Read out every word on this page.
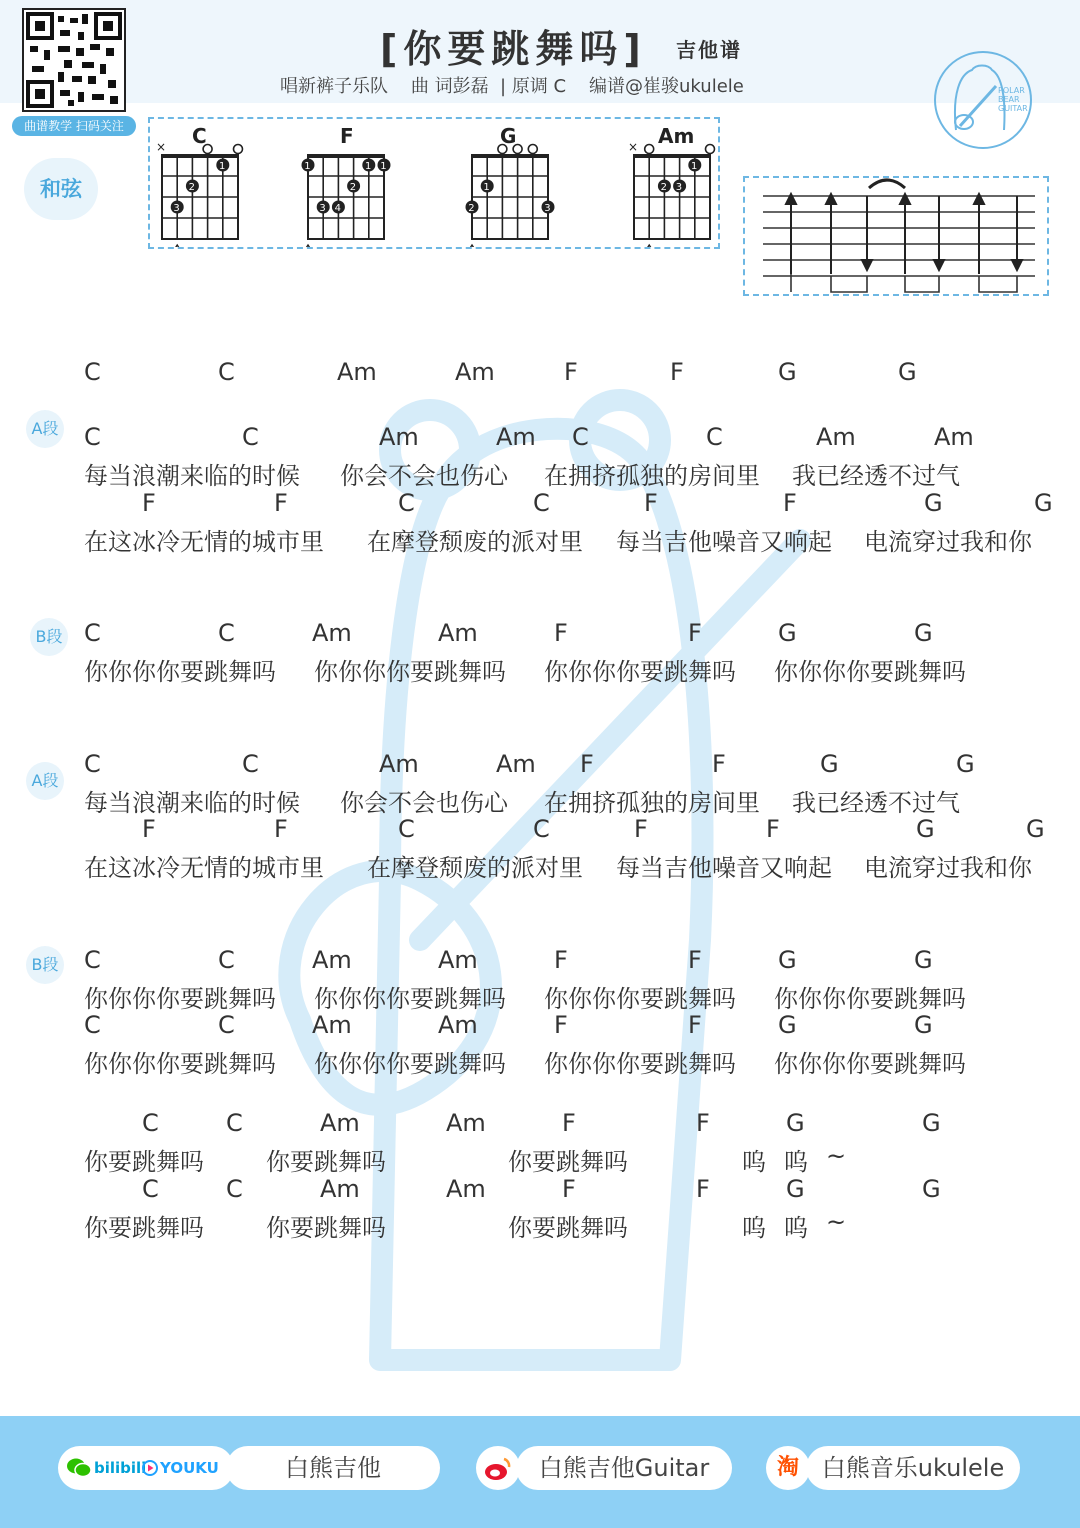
曲谱教学 扫码关注
[你要跳舞吗] 吉他谱
唱新裤子乐队    曲 词彭磊  | 原调 C    编谱@崔骏ukulele	POLAR
BEAR
GUITAR
和弦
C
×
1
2
3
F
1	1 1
2
3 4
G
1
2	3
Am
×
1
2 3
A段
B段
A段
B段
C	C	Am	Am	F	F	G	G
C	C	Am	Am C	C	Am	Am
每当浪潮来临的时候 你会不会也伤心 在拥挤孤独的房间里 我已经透不过气
F	F	C	C	F	F	G	G
在这冰冷无情的城市里 在摩登颓废的派对里 每当吉他噪音又响起 电流穿过我和你
C	C	Am	Am	F	F	G	G
你你你你要跳舞吗 你你你你要跳舞吗 你你你你要跳舞吗 你你你你要跳舞吗
C	C	Am	Am F	F	G	G
每当浪潮来临的时候 你会不会也伤心 在拥挤孤独的房间里 我已经透不过气
F	F	C	C	F	F	G	G
在这冰冷无情的城市里 在摩登颓废的派对里 每当吉他噪音又响起 电流穿过我和你
C	C	Am	Am	F	F	G	G
你你你你要跳舞吗 你你你你要跳舞吗 你你你你要跳舞吗 你你你你要跳舞吗
C	C	Am	Am	F	F	G	G
你你你你要跳舞吗 你你你你要跳舞吗 你你你你要跳舞吗 你你你你要跳舞吗
C	C	Am	Am	F	F	G	G
你要跳舞吗	你要跳舞吗	你要跳舞吗	呜 呜 ~
C	C	Am	Am	F	F	G	G
你要跳舞吗	你要跳舞吗	你要跳舞吗	呜 呜 ~
bilibili YOUKU	白熊吉他	白熊吉他Guitar	淘 白熊音乐ukulele
